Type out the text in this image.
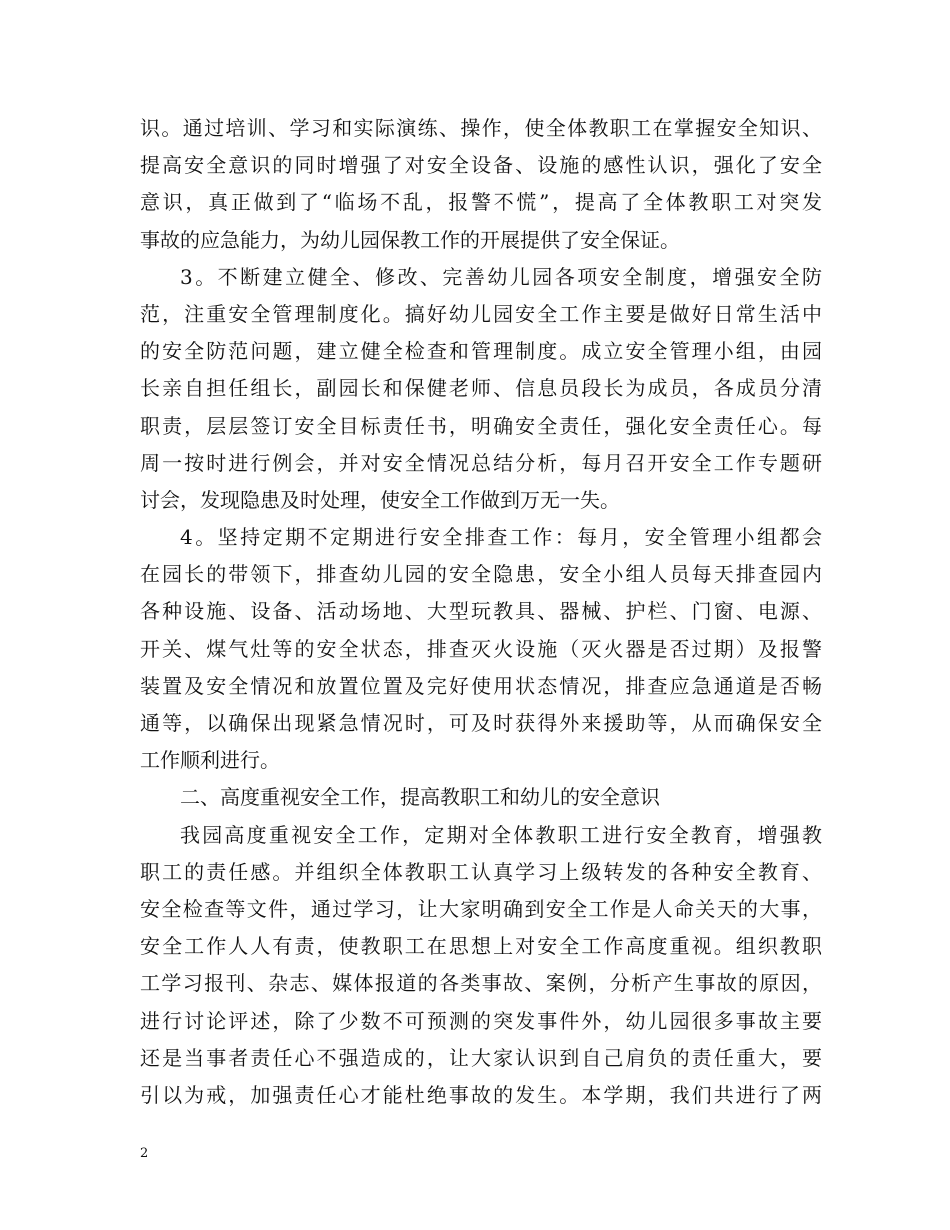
识。通过培训、学习和实际演练、操作，使全体教职工在掌握安全知识、
提高安全意识的同时增强了对安全设备、设施的感性认识，强化了安全
意识，真正做到了“临场不乱，报警不慌”，提高了全体教职工对突发
事故的应急能力，为幼儿园保教工作的开展提供了安全保证。
3。不断建立健全、修改、完善幼儿园各项安全制度，增强安全防
范，注重安全管理制度化。搞好幼儿园安全工作主要是做好日常生活中
的安全防范问题，建立健全检查和管理制度。成立安全管理小组，由园
长亲自担任组长，副园长和保健老师、信息员段长为成员，各成员分清
职责，层层签订安全目标责任书，明确安全责任，强化安全责任心。每
周一按时进行例会，并对安全情况总结分析，每月召开安全工作专题研
讨会，发现隐患及时处理，使安全工作做到万无一失。
4。坚持定期不定期进行安全排查工作：每月，安全管理小组都会
在园长的带领下，排查幼儿园的安全隐患，安全小组人员每天排查园内
各种设施、设备、活动场地、大型玩教具、器械、护栏、门窗、电源、
开关、煤气灶等的安全状态，排查灭火设施（灭火器是否过期）及报警
装置及安全情况和放置位置及完好使用状态情况，排查应急通道是否畅
通等，以确保出现紧急情况时，可及时获得外来援助等，从而确保安全
工作顺利进行。
二、高度重视安全工作，提高教职工和幼儿的安全意识
我园高度重视安全工作，定期对全体教职工进行安全教育，增强教
职工的责任感。并组织全体教职工认真学习上级转发的各种安全教育、
安全检查等文件，通过学习，让大家明确到安全工作是人命关天的大事，
安全工作人人有责，使教职工在思想上对安全工作高度重视。组织教职
工学习报刊、杂志、媒体报道的各类事故、案例，分析产生事故的原因，
进行讨论评述，除了少数不可预测的突发事件外，幼儿园很多事故主要
还是当事者责任心不强造成的，让大家认识到自己肩负的责任重大，要
引以为戒，加强责任心才能杜绝事故的发生。本学期，我们共进行了两
2
